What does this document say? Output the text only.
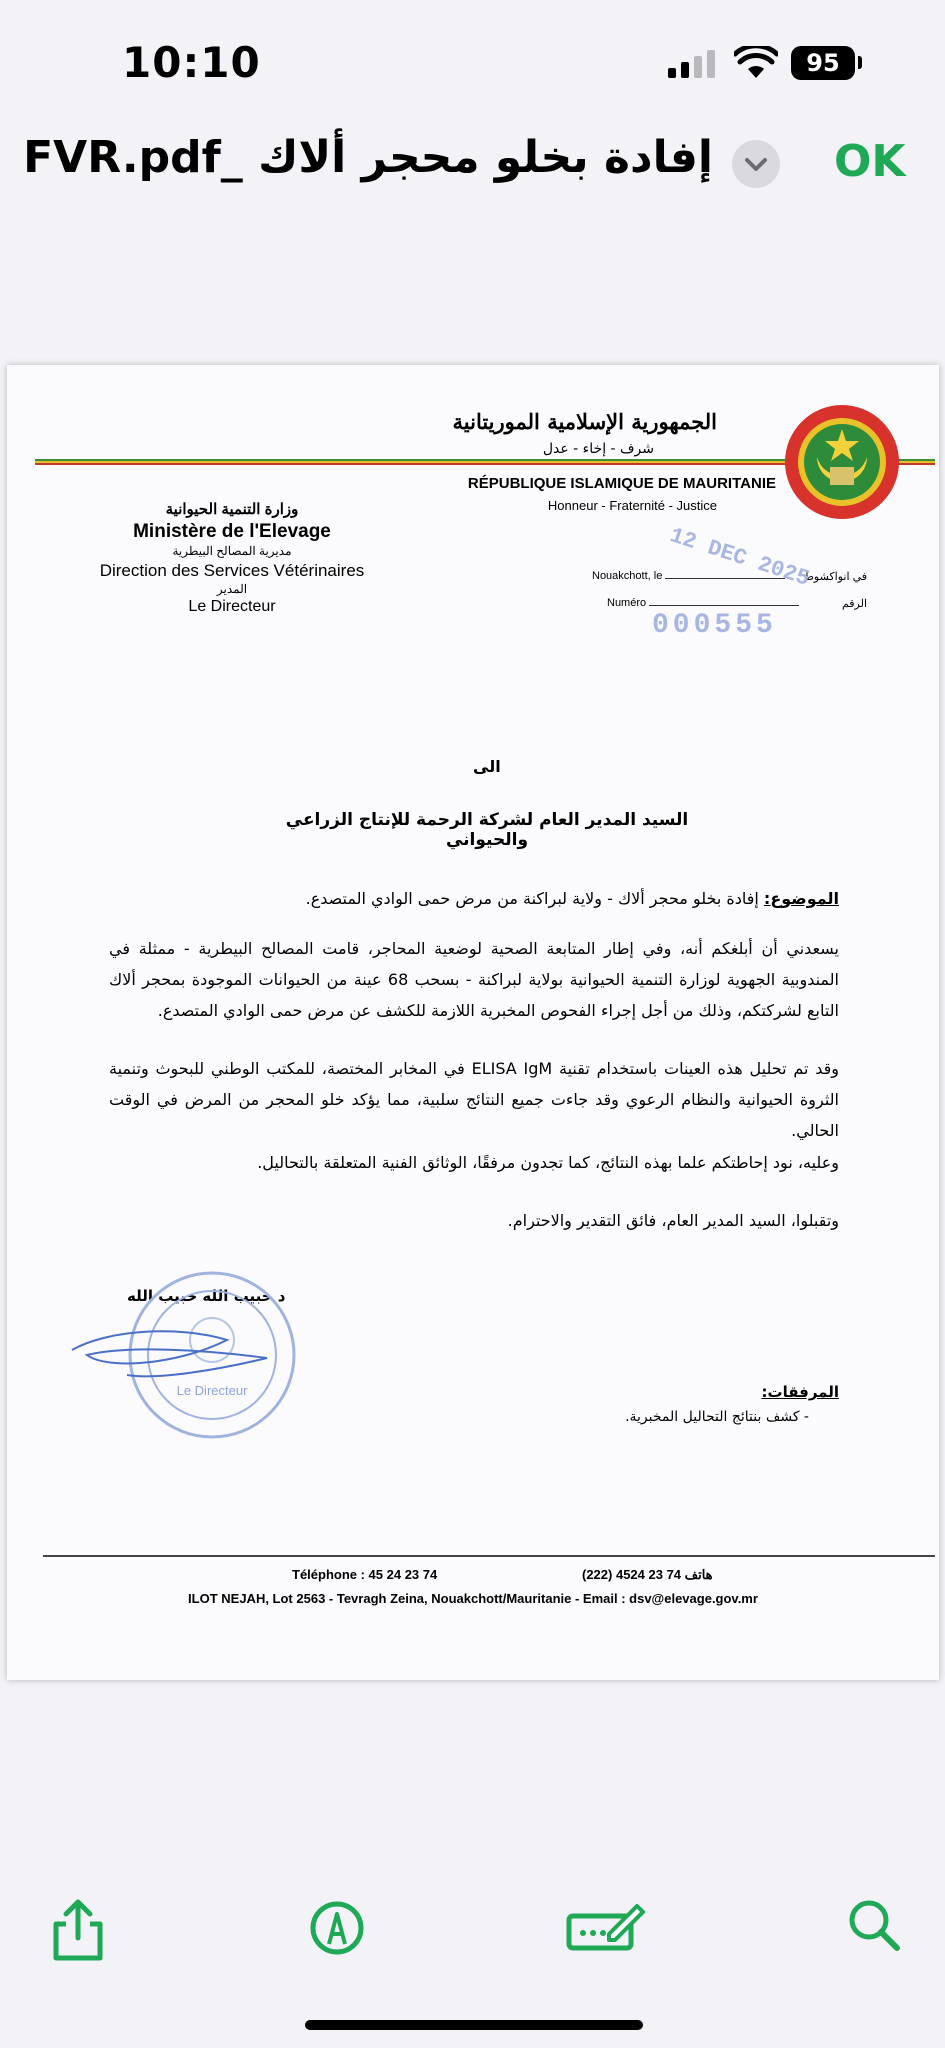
10:10	95
FVR.pdf_ إفادة بخلو محجر ألاك	OK
الجمهورية الإسلامية الموريتانية
شرف - إخاء - عدل
RÉPUBLIQUE ISLAMIQUE DE MAURITANIE
Honneur - Fraternité - Justice
وزارة التنمية الحيوانية
Ministère de l'Elevage
مديرية المصالح البيطرية
Direction des Services Vétérinaires
المدير
Le Directeur
Nouakchott, le	في انواكشوط
Numéro	الرقم
12 DEC 2025
000555
الى
السيد المدير العام لشركة الرحمة للإنتاج الزراعي والحيواني
الموضوع: إفادة بخلو محجر ألاك - ولاية لبراكنة من مرض حمى الوادي المتصدع.
يسعدني أن أبلغكم أنه، وفي إطار المتابعة الصحية لوضعية المحاجر، قامت المصالح البيطرية - ممثلة في المندوبية الجهوية لوزارة التنمية الحيوانية بولاية لبراكنة - بسحب 68 عينة من الحيوانات الموجودة بمحجر ألاك التابع لشركتكم، وذلك من أجل إجراء الفحوص المخبرية اللازمة للكشف عن مرض حمى الوادي المتصدع.
وقد تم تحليل هذه العينات باستخدام تقنية ELISA IgM في المخابر المختصة، للمكتب الوطني للبحوث وتنمية الثروة الحيوانية والنظام الرعوي وقد جاءت جميع النتائج سلبية، مما يؤكد خلو المحجر من المرض في الوقت الحالي.
وعليه، نود إحاطتكم علما بهذه النتائج، كما تجدون مرفقًا، الوثائق الفنية المتعلقة بالتحاليل.
وتقبلوا، السيد المدير العام، فائق التقدير والاحترام.
د حبيب الله حبيب الله
Le Directeur	المرفقات:
- كشف بنتائج التحاليل المخبرية.
Téléphone : 45 24 23 74	(222) 4524 23 74 هاتف
ILOT NEJAH, Lot 2563 - Tevragh Zeina, Nouakchott/Mauritanie - Email : dsv@elevage.gov.mr
